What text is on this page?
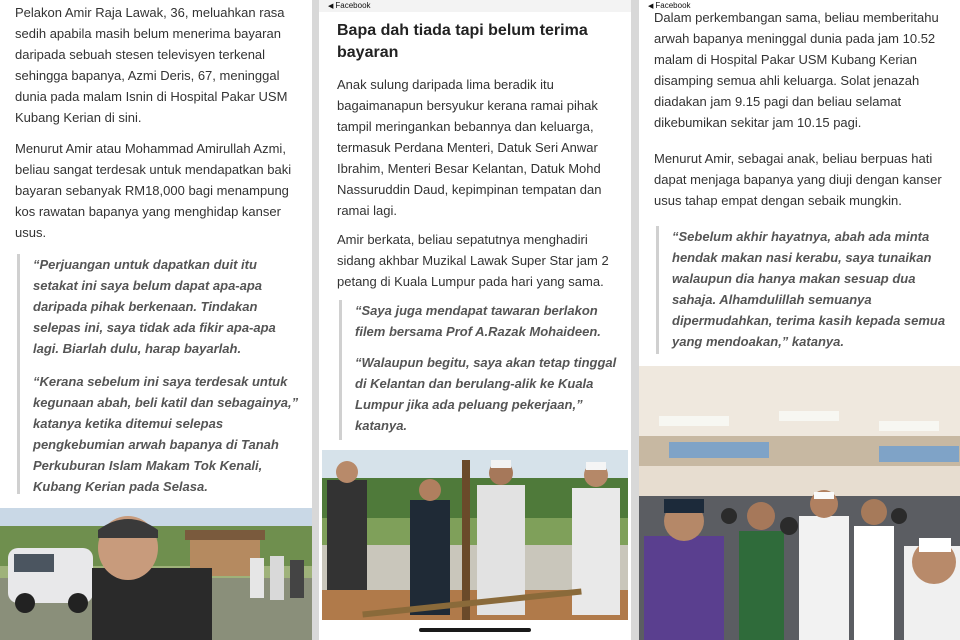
Pelakon Amir Raja Lawak, 36, meluahkan rasa sedih apabila masih belum menerima bayaran daripada sebuah stesen televisyen terkenal sehingga bapanya, Azmi Deris, 67, meninggal dunia pada malam Isnin di Hospital Pakar USM Kubang Kerian di sini.

Menurut Amir atau Mohammad Amirullah Azmi, beliau sangat terdesak untuk mendapatkan baki bayaran sebanyak RM18,000 bagi menampung kos rawatan bapanya yang menghidap kanser usus.

“Perjuangan untuk dapatkan duit itu setakat ini saya belum dapat apa-apa daripada pihak berkenaan. Tindakan selepas ini, saya tidak ada fikir apa-apa lagi. Biarlah dulu, harap bayarlah.

“Kerana sebelum ini saya terdesak untuk kegunaan abah, beli katil dan sebagainya,” katanya ketika ditemui selepas pengkebumian arwah bapanya di Tanah Perkuburan Islam Makam Tok Kenali, Kubang Kerian pada Selasa.

◀ Facebook
Bapa dah tiada tapi belum terima bayaran

Anak sulung daripada lima beradik itu bagaimanapun bersyukur kerana ramai pihak tampil meringankan bebannya dan keluarga, termasuk Perdana Menteri, Datuk Seri Anwar Ibrahim, Menteri Besar Kelantan, Datuk Mohd Nassuruddin Daud, kepimpinan tempatan dan ramai lagi.

Amir berkata, beliau sepatutnya menghadiri sidang akhbar Muzikal Lawak Super Star jam 2 petang di Kuala Lumpur pada hari yang sama.

“Saya juga mendapat tawaran berlakon filem bersama Prof A.Razak Mohaideen.

“Walaupun begitu, saya akan tetap tinggal di Kelantan dan berulang-alik ke Kuala Lumpur jika ada peluang pekerjaan,” katanya.

◀ Facebook

Dalam perkembangan sama, beliau memberitahu arwah bapanya meninggal dunia pada jam 10.52 malam di Hospital Pakar USM Kubang Kerian disamping semua ahli keluarga. Solat jenazah diadakan jam 9.15 pagi dan beliau selamat dikebumikan sekitar jam 10.15 pagi.

Menurut Amir, sebagai anak, beliau berpuas hati dapat menjaga bapanya yang diuji dengan kanser usus tahap empat dengan sebaik mungkin.

“Sebelum akhir hayatnya, abah ada minta hendak makan nasi kerabu, saya tunaikan walaupun dia hanya makan sesuap dua sahaja. Alhamdulillah semuanya dipermudahkan, terima kasih kepada semua yang mendoakan,” katanya.
